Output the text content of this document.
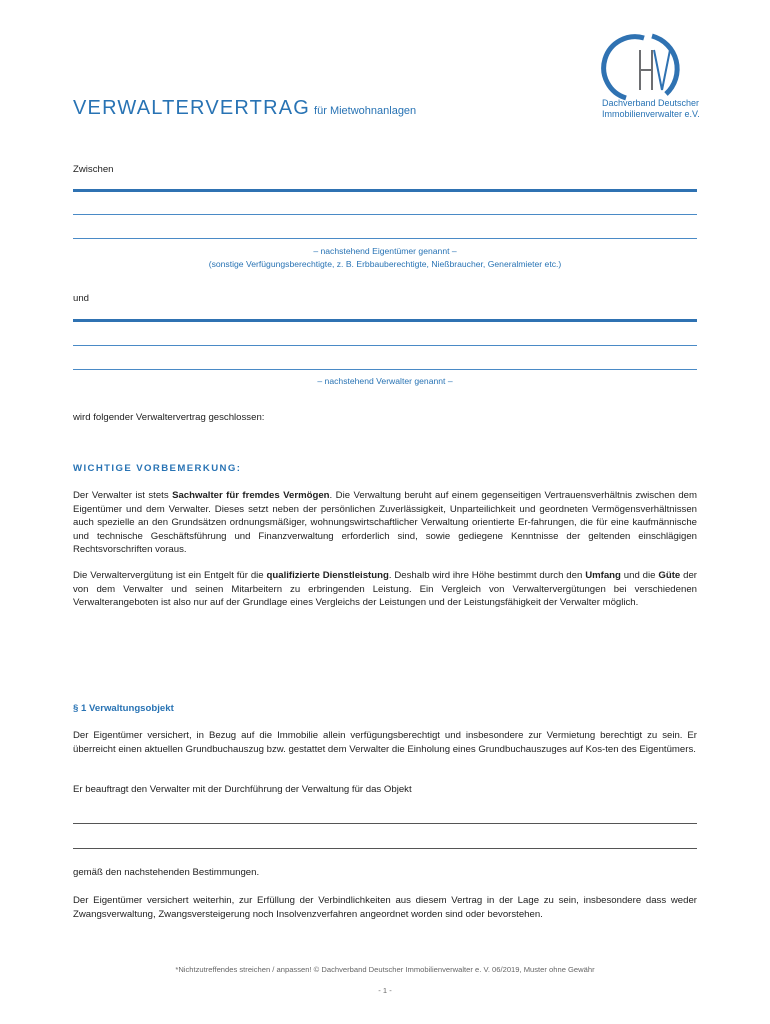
VERWALTERVERTRAG für Mietwohnanlagen
Dachverband Deutscher
Immobilienverwalter e.V.
Zwischen
– nachstehend Eigentümer genannt –
(sonstige Verfügungsberechtigte, z. B. Erbbauberechtigte, Nießbraucher, Generalmieter etc.)
und
– nachstehend Verwalter genannt –
wird folgender Verwaltervertrag geschlossen:
WICHTIGE VORBEMERKUNG:
Der Verwalter ist stets Sachwalter für fremdes Vermögen. Die Verwaltung beruht auf einem gegenseitigen Vertrauensverhältnis zwischen dem Eigentümer und dem Verwalter. Dieses setzt neben der persönlichen Zuverlässigkeit, Unparteilichkeit und geordneten Vermögensverhältnissen auch spezielle an den Grundsätzen ordnungsmäßiger, wohnungswirtschaftlicher Verwaltung orientierte Er-fahrungen, die für eine kaufmännische und technische Geschäftsführung und Finanzverwaltung erforderlich sind, sowie gediegene Kenntnisse der geltenden einschlägigen Rechtsvorschriften voraus.
Die Verwaltervergütung ist ein Entgelt für die qualifizierte Dienstleistung. Deshalb wird ihre Höhe bestimmt durch den Umfang und die Güte der von dem Verwalter und seinen Mitarbeitern zu erbringenden Leistung. Ein Vergleich von Verwaltervergütungen bei verschiedenen Verwalterangeboten ist also nur auf der Grundlage eines Vergleichs der Leistungen und der Leistungsfähigkeit der Verwalter möglich.
§ 1 Verwaltungsobjekt
Der Eigentümer versichert, in Bezug auf die Immobilie allein verfügungsberechtigt und insbesondere zur Vermietung berechtigt zu sein. Er überreicht einen aktuellen Grundbuchauszug bzw. gestattet dem Verwalter die Einholung eines Grundbuchauszuges auf Kos-ten des Eigentümers.
Er beauftragt den Verwalter mit der Durchführung der Verwaltung für das Objekt
gemäß den nachstehenden Bestimmungen.
Der Eigentümer versichert weiterhin, zur Erfüllung der Verbindlichkeiten aus diesem Vertrag in der Lage zu sein, insbesondere dass weder Zwangsverwaltung, Zwangsversteigerung noch Insolvenzverfahren angeordnet worden sind oder bevorstehen.
*Nichtzutreffendes streichen / anpassen! © Dachverband Deutscher Immobilienverwalter e. V. 06/2019, Muster ohne Gewähr
- 1 -
